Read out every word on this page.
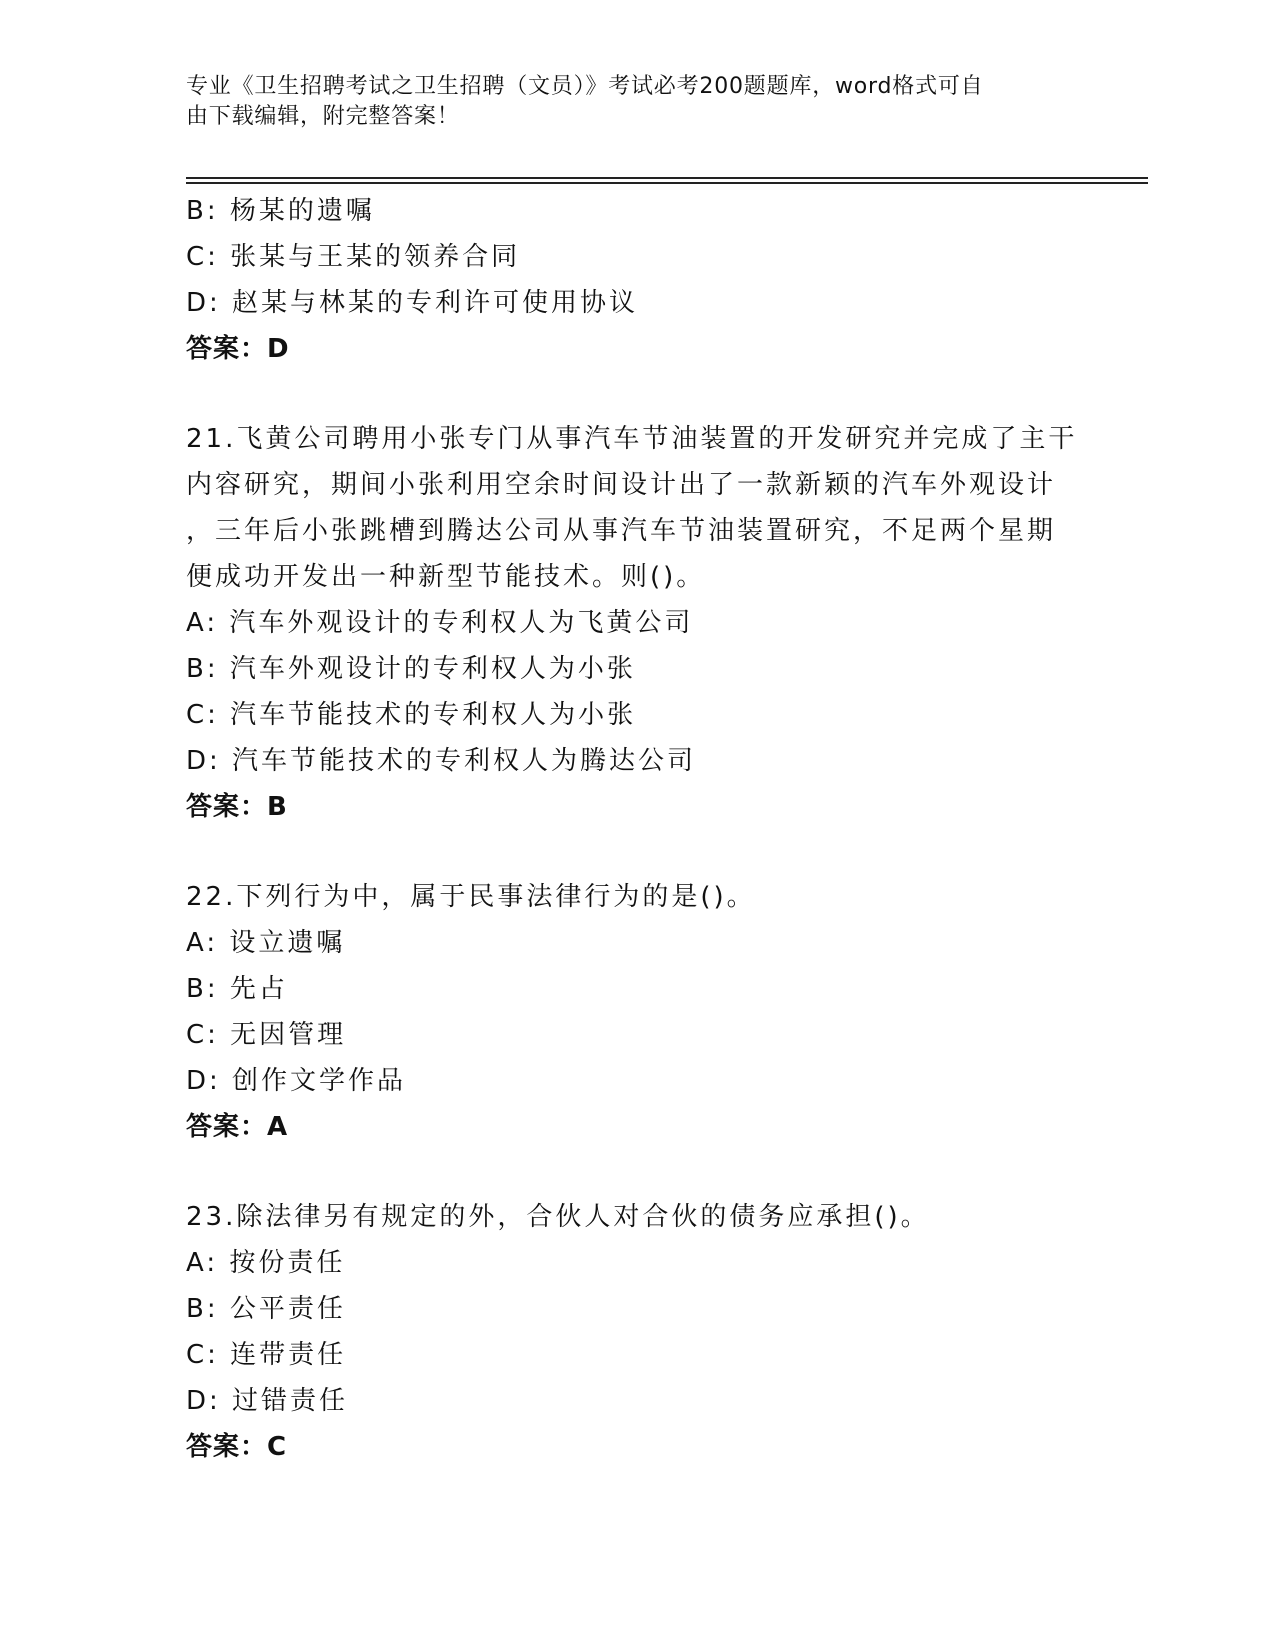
专业《卫生招聘考试之卫生招聘（文员）》考试必考200题题库，word格式可自
由下载编辑，附完整答案！
B: 杨某的遗嘱
C: 张某与王某的领养合同
D: 赵某与林某的专利许可使用协议
答案：D
21.飞黄公司聘用小张专门从事汽车节油装置的开发研究并完成了主干
内容研究，期间小张利用空余时间设计出了一款新颖的汽车外观设计
，三年后小张跳槽到腾达公司从事汽车节油装置研究，不足两个星期
便成功开发出一种新型节能技术。则()。
A: 汽车外观设计的专利权人为飞黄公司
B: 汽车外观设计的专利权人为小张
C: 汽车节能技术的专利权人为小张
D: 汽车节能技术的专利权人为腾达公司
答案：B
22.下列行为中，属于民事法律行为的是()。
A: 设立遗嘱
B: 先占
C: 无因管理
D: 创作文学作品
答案：A
23.除法律另有规定的外，合伙人对合伙的债务应承担()。
A: 按份责任
B: 公平责任
C: 连带责任
D: 过错责任
答案：C
